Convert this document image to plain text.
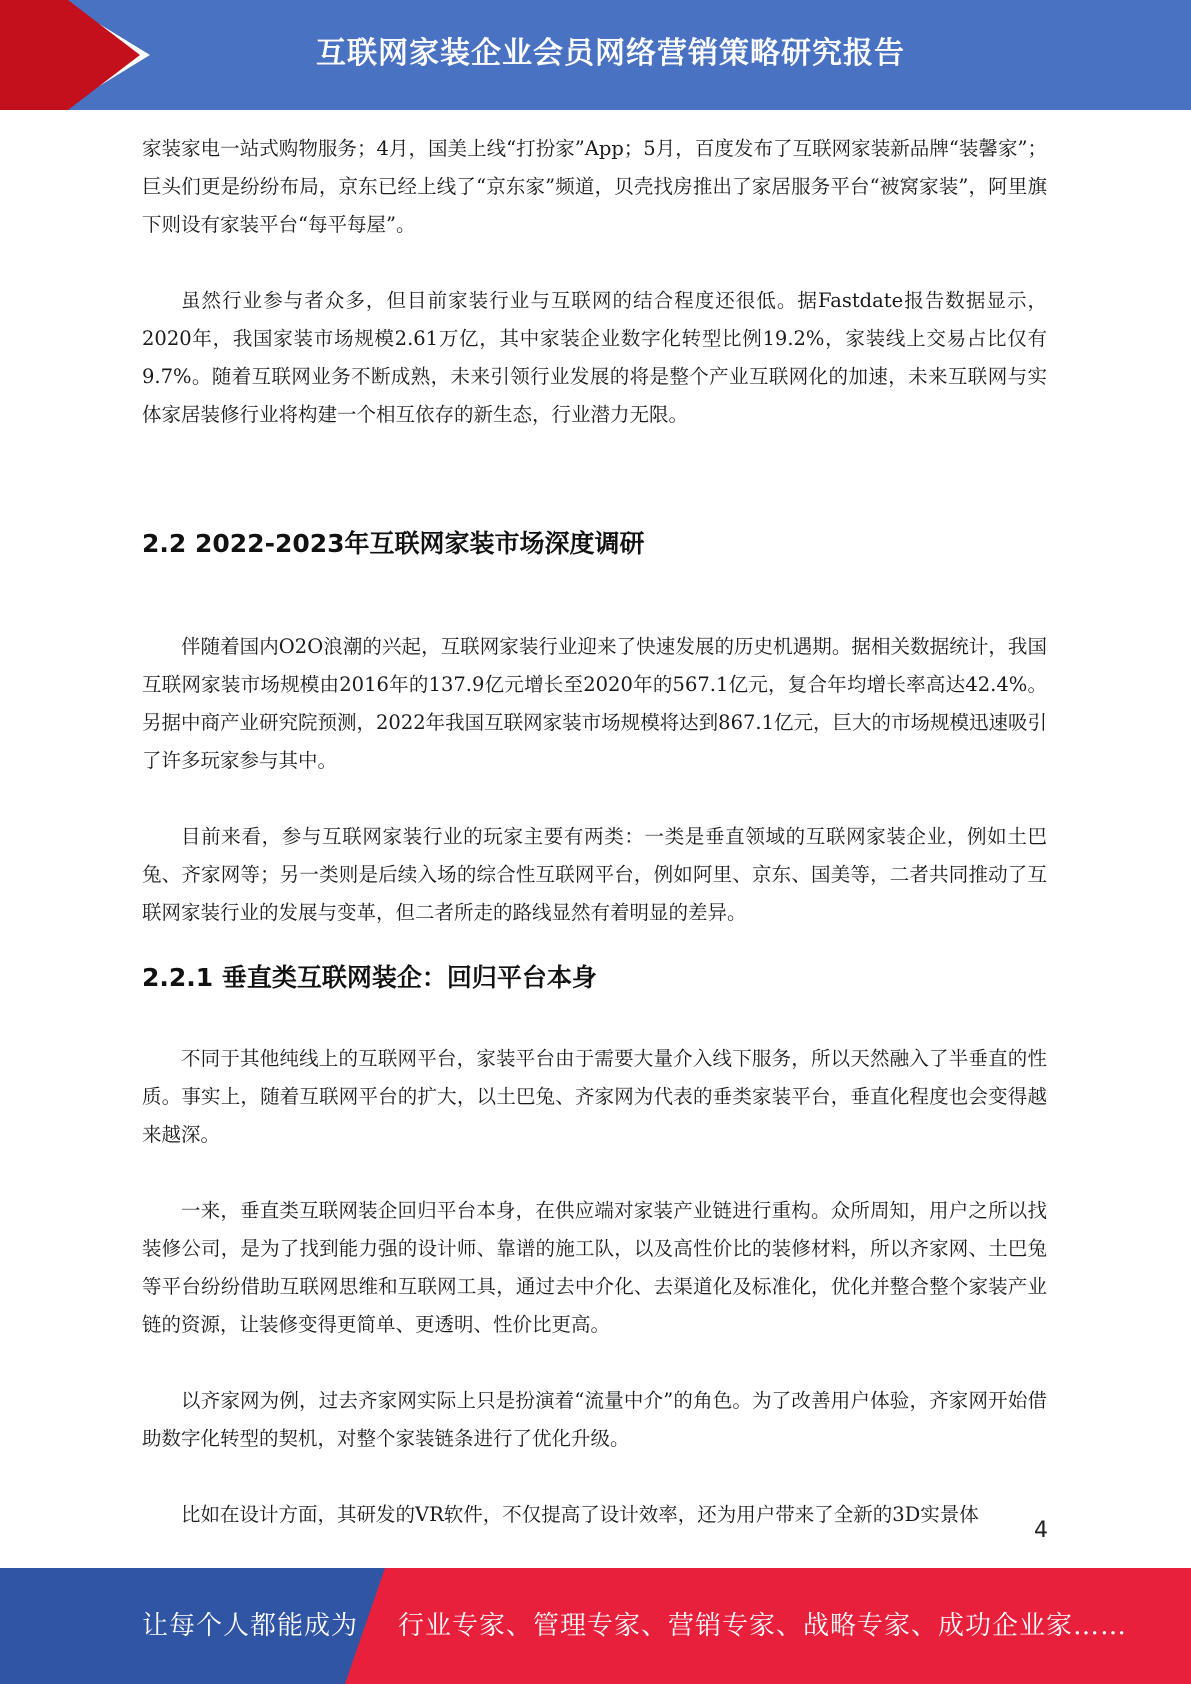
互联网家装企业会员网络营销策略研究报告

家装家电一站式购物服务；4月，国美上线“打扮家”App；5月，百度发布了互联网家装新品牌“装馨家”；巨头们更是纷纷布局，京东已经上线了“京东家”频道，贝壳找房推出了家居服务平台“被窝家装”，阿里旗下则设有家装平台“每平每屋”。

虽然行业参与者众多，但目前家装行业与互联网的结合程度还很低。据Fastdate报告数据显示，2020年，我国家装市场规模2.61万亿，其中家装企业数字化转型比例19.2%，家装线上交易占比仅有9.7%。随着互联网业务不断成熟，未来引领行业发展的将是整个产业互联网化的加速，未来互联网与实体家居装修行业将构建一个相互依存的新生态，行业潜力无限。

2.2 2022-2023年互联网家装市场深度调研

伴随着国内O2O浪潮的兴起，互联网家装行业迎来了快速发展的历史机遇期。据相关数据统计，我国互联网家装市场规模由2016年的137.9亿元增长至2020年的567.1亿元，复合年均增长率高达42.4%。另据中商产业研究院预测，2022年我国互联网家装市场规模将达到867.1亿元，巨大的市场规模迅速吸引了许多玩家参与其中。

目前来看，参与互联网家装行业的玩家主要有两类：一类是垂直领域的互联网家装企业，例如土巴兔、齐家网等；另一类则是后续入场的综合性互联网平台，例如阿里、京东、国美等，二者共同推动了互联网家装行业的发展与变革，但二者所走的路线显然有着明显的差异。

2.2.1 垂直类互联网装企：回归平台本身

不同于其他纯线上的互联网平台，家装平台由于需要大量介入线下服务，所以天然融入了半垂直的性质。事实上，随着互联网平台的扩大，以土巴兔、齐家网为代表的垂类家装平台，垂直化程度也会变得越来越深。

一来，垂直类互联网装企回归平台本身，在供应端对家装产业链进行重构。众所周知，用户之所以找装修公司，是为了找到能力强的设计师、靠谱的施工队，以及高性价比的装修材料，所以齐家网、土巴兔等平台纷纷借助互联网思维和互联网工具，通过去中介化、去渠道化及标准化，优化并整合整个家装产业链的资源，让装修变得更简单、更透明、性价比更高。

以齐家网为例，过去齐家网实际上只是扮演着“流量中介”的角色。为了改善用户体验，齐家网开始借助数字化转型的契机，对整个家装链条进行了优化升级。

比如在设计方面，其研发的VR软件，不仅提高了设计效率，还为用户带来了全新的3D实景体

4
让每个人都能成为 行业专家、管理专家、营销专家、战略专家、成功企业家……
